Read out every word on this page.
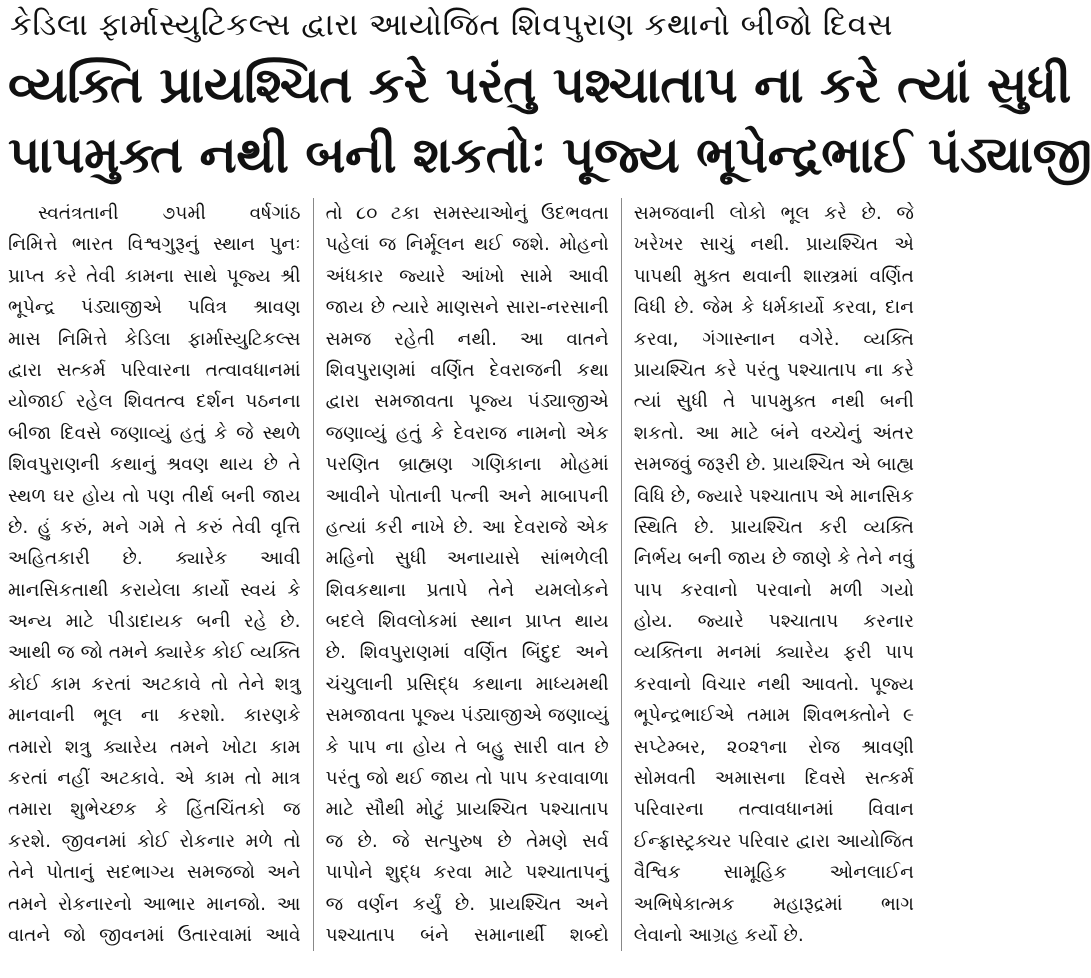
કેડિલા ફાર્માસ્યુટિકલ્સ દ્વારા આયોજિત શિવપુરાણ કથાનો બીજો દિવસ
વ્યક્તિ પ્રાયશ્ચિત કરે પરંતુ પશ્ચાતાપ ના કરે ત્યાં સુધી
પાપમુક્ત નથી બની શકતોઃ પૂજ્ય ભૂપેન્દ્રભાઈ પંડ્યાજી
સ્વતંત્રતાની ૭૫મી વર્ષગાંઠ
નિમિત્તે ભારત વિશ્વગુરૂનું સ્થાન પુનઃ
પ્રાપ્ત કરે તેવી કામના સાથે પૂજ્ય શ્રી
ભૂપેન્દ્ર પંડ્યાજીએ પવિત્ર શ્રાવણ
માસ નિમિત્તે કેડિલા ફાર્માસ્યુટિકલ્સ
દ્વારા સત્કર્મ પરિવારના તત્વાવધાનમાં
યોજાઈ રહેલ શિવતત્વ દર્શન પઠનના
બીજા દિવસે જણાવ્યું હતું કે જે સ્થળે
શિવપુરાણની કથાનું શ્રવણ થાય છે તે
સ્થળ ઘર હોય તો પણ તીર્થ બની જાય
છે. હું કરું, મને ગમે તે કરું તેવી વૃત્તિ
અહિતકારી છે. ક્યારેક આવી
માનસિકતાથી કરાયેલા કાર્યો સ્વયં કે
અન્ય માટે પીડાદાયક બની રહે છે.
આથી જ જો તમને ક્યારેક કોઈ વ્યક્તિ
કોઈ કામ કરતાં અટકાવે તો તેને શત્રુ
માનવાની ભૂલ ના કરશો. કારણકે
તમારો શત્રુ ક્યારેય તમને ખોટા કામ
કરતાં નહીં અટકાવે. એ કામ તો માત્ર
તમારા શુભેચ્છક કે હિંતચિંતકો જ
કરશે. જીવનમાં કોઈ રોકનાર મળે તો
તેને પોતાનું સદભાગ્ય સમજજો અને
તમને રોકનારનો આભાર માનજો. આ
વાતને જો જીવનમાં ઉતારવામાં આવે
તો ૮૦ ટકા સમસ્યાઓનું ઉદભવતા
પહેલાં જ નિર્મૂલન થઈ જશે. મોહનો
અંધકાર જ્યારે આંખો સામે આવી
જાય છે ત્યારે માણસને સારા-નરસાની
સમજ રહેતી નથી. આ વાતને
શિવપુરાણમાં વર્ણિત દેવરાજની કથા
દ્વારા સમજાવતા પૂજ્ય પંડ્યાજીએ
જણાવ્યું હતું કે દેવરાજ નામનો એક
પરણિત બ્રાહ્મણ ગણિકાના મોહમાં
આવીને પોતાની પત્ની અને માબાપની
હત્યાં કરી નાખે છે. આ દેવરાજે એક
મહિનો સુધી અનાયાસે સાંભળેલી
શિવકથાના પ્રતાપે તેને યમલોકને
બદલે શિવલોકમાં સ્થાન પ્રાપ્ત થાય
છે. શિવપુરાણમાં વર્ણિત બિંદુદ અને
ચંચુલાની પ્રસિદ્ધ કથાના માધ્યમથી
સમજાવતા પૂજ્ય પંડ્યાજીએ જણાવ્યું
કે પાપ ના હોય તે બહુ સારી વાત છે
પરંતુ જો થઈ જાય તો પાપ કરવાવાળા
માટે સૌથી મોટું પ્રાયશ્ચિત પશ્ચાતાપ
જ છે. જે સત્પુરુષ છે તેમણે સર્વ
પાપોને શુદ્ધ કરવા માટે પશ્ચાતાપનું
જ વર્ણન કર્યું છે. પ્રાયશ્ચિત અને
પશ્ચાતાપ બંને સમાનાર્થી શબ્દો
સમજવાની લોકો ભૂલ કરે છે. જે
ખરેખર સાચું નથી. પ્રાયશ્ચિત એ
પાપથી મુક્ત થવાની શાસ્ત્રમાં વર્ણિત
વિધી છે. જેમ કે ધર્મકાર્યો કરવા, દાન
કરવા, ગંગાસ્નાન વગેરે. વ્યક્તિ
પ્રાયશ્ચિત કરે પરંતુ પશ્ચાતાપ ના કરે
ત્યાં સુધી તે પાપમુક્ત નથી બની
શકતો. આ માટે બંને વચ્ચેનું અંતર
સમજવું જરૂરી છે. પ્રાયશ્ચિત એ બાહ્ય
વિધિ છે, જ્યારે પશ્ચાતાપ એ માનસિક
સ્થિતિ છે. પ્રાયશ્ચિત કરી વ્યક્તિ
નિર્ભય બની જાય છે જાણે કે તેને નવું
પાપ કરવાનો પરવાનો મળી ગયો
હોય. જ્યારે પશ્ચાતાપ કરનાર
વ્યક્તિના મનમાં ક્યારેય ફરી પાપ
કરવાનો વિચાર નથી આવતો. પૂજ્ય
ભૂપેન્દ્રભાઈએ તમામ શિવભક્તોને ૯
સપ્ટેમ્બર, ૨૦૨૧ના રોજ શ્રાવણી
સોમવતી અમાસના દિવસે સત્કર્મ
પરિવારના તત્વાવધાનમાં વિવાન
ઈન્ફ્રાસ્ટ્રક્ચર પરિવાર દ્વારા આયોજિત
વૈશ્વિક સામૂહિક ઓનલાઈન
અભિષેકાત્મક મહારૂદ્રમાં ભાગ
લેવાનો આગ્રહ કર્યો છે.
